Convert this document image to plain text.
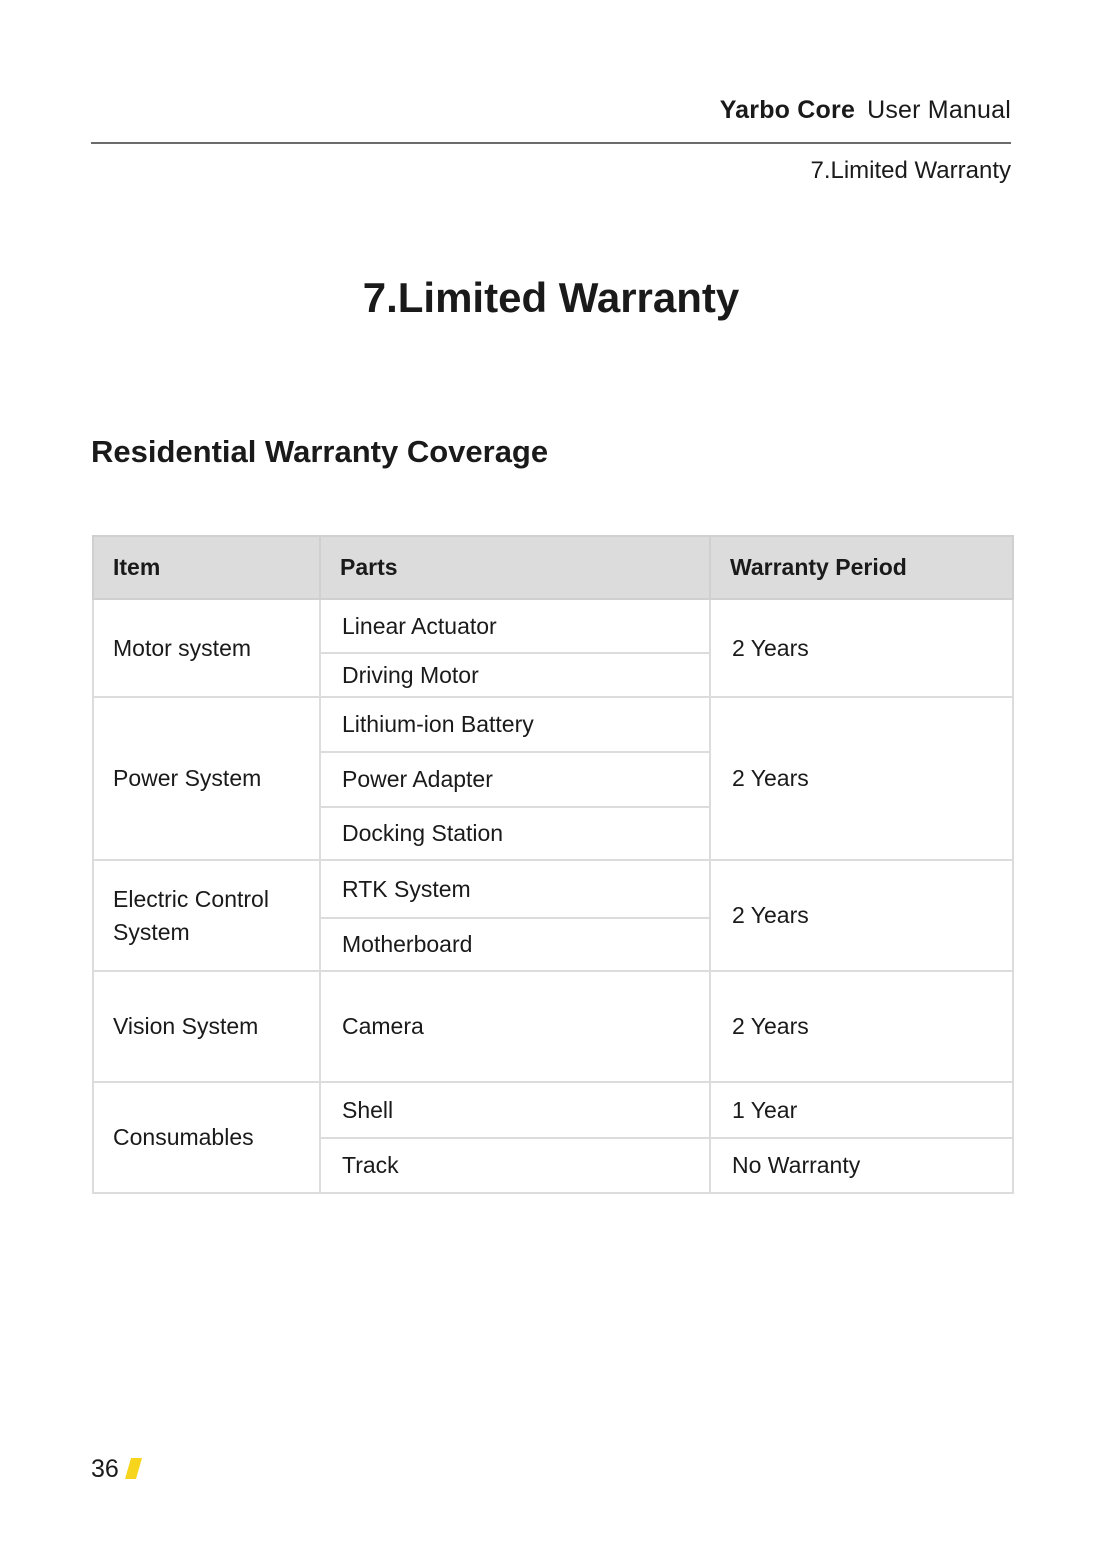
Yarbo Core User Manual
7.Limited Warranty
7.Limited Warranty
Residential Warranty Coverage
Item	Parts	Warranty Period
Motor system	Linear Actuator	2 Years
	Driving Motor	
Power System	Lithium-ion Battery	2 Years
	Power Adapter	
	Docking Station	
Electric Control System	RTK System	2 Years
	Motherboard	
Vision System	Camera	2 Years
Consumables	Shell	1 Year
	Track	No Warranty
36
